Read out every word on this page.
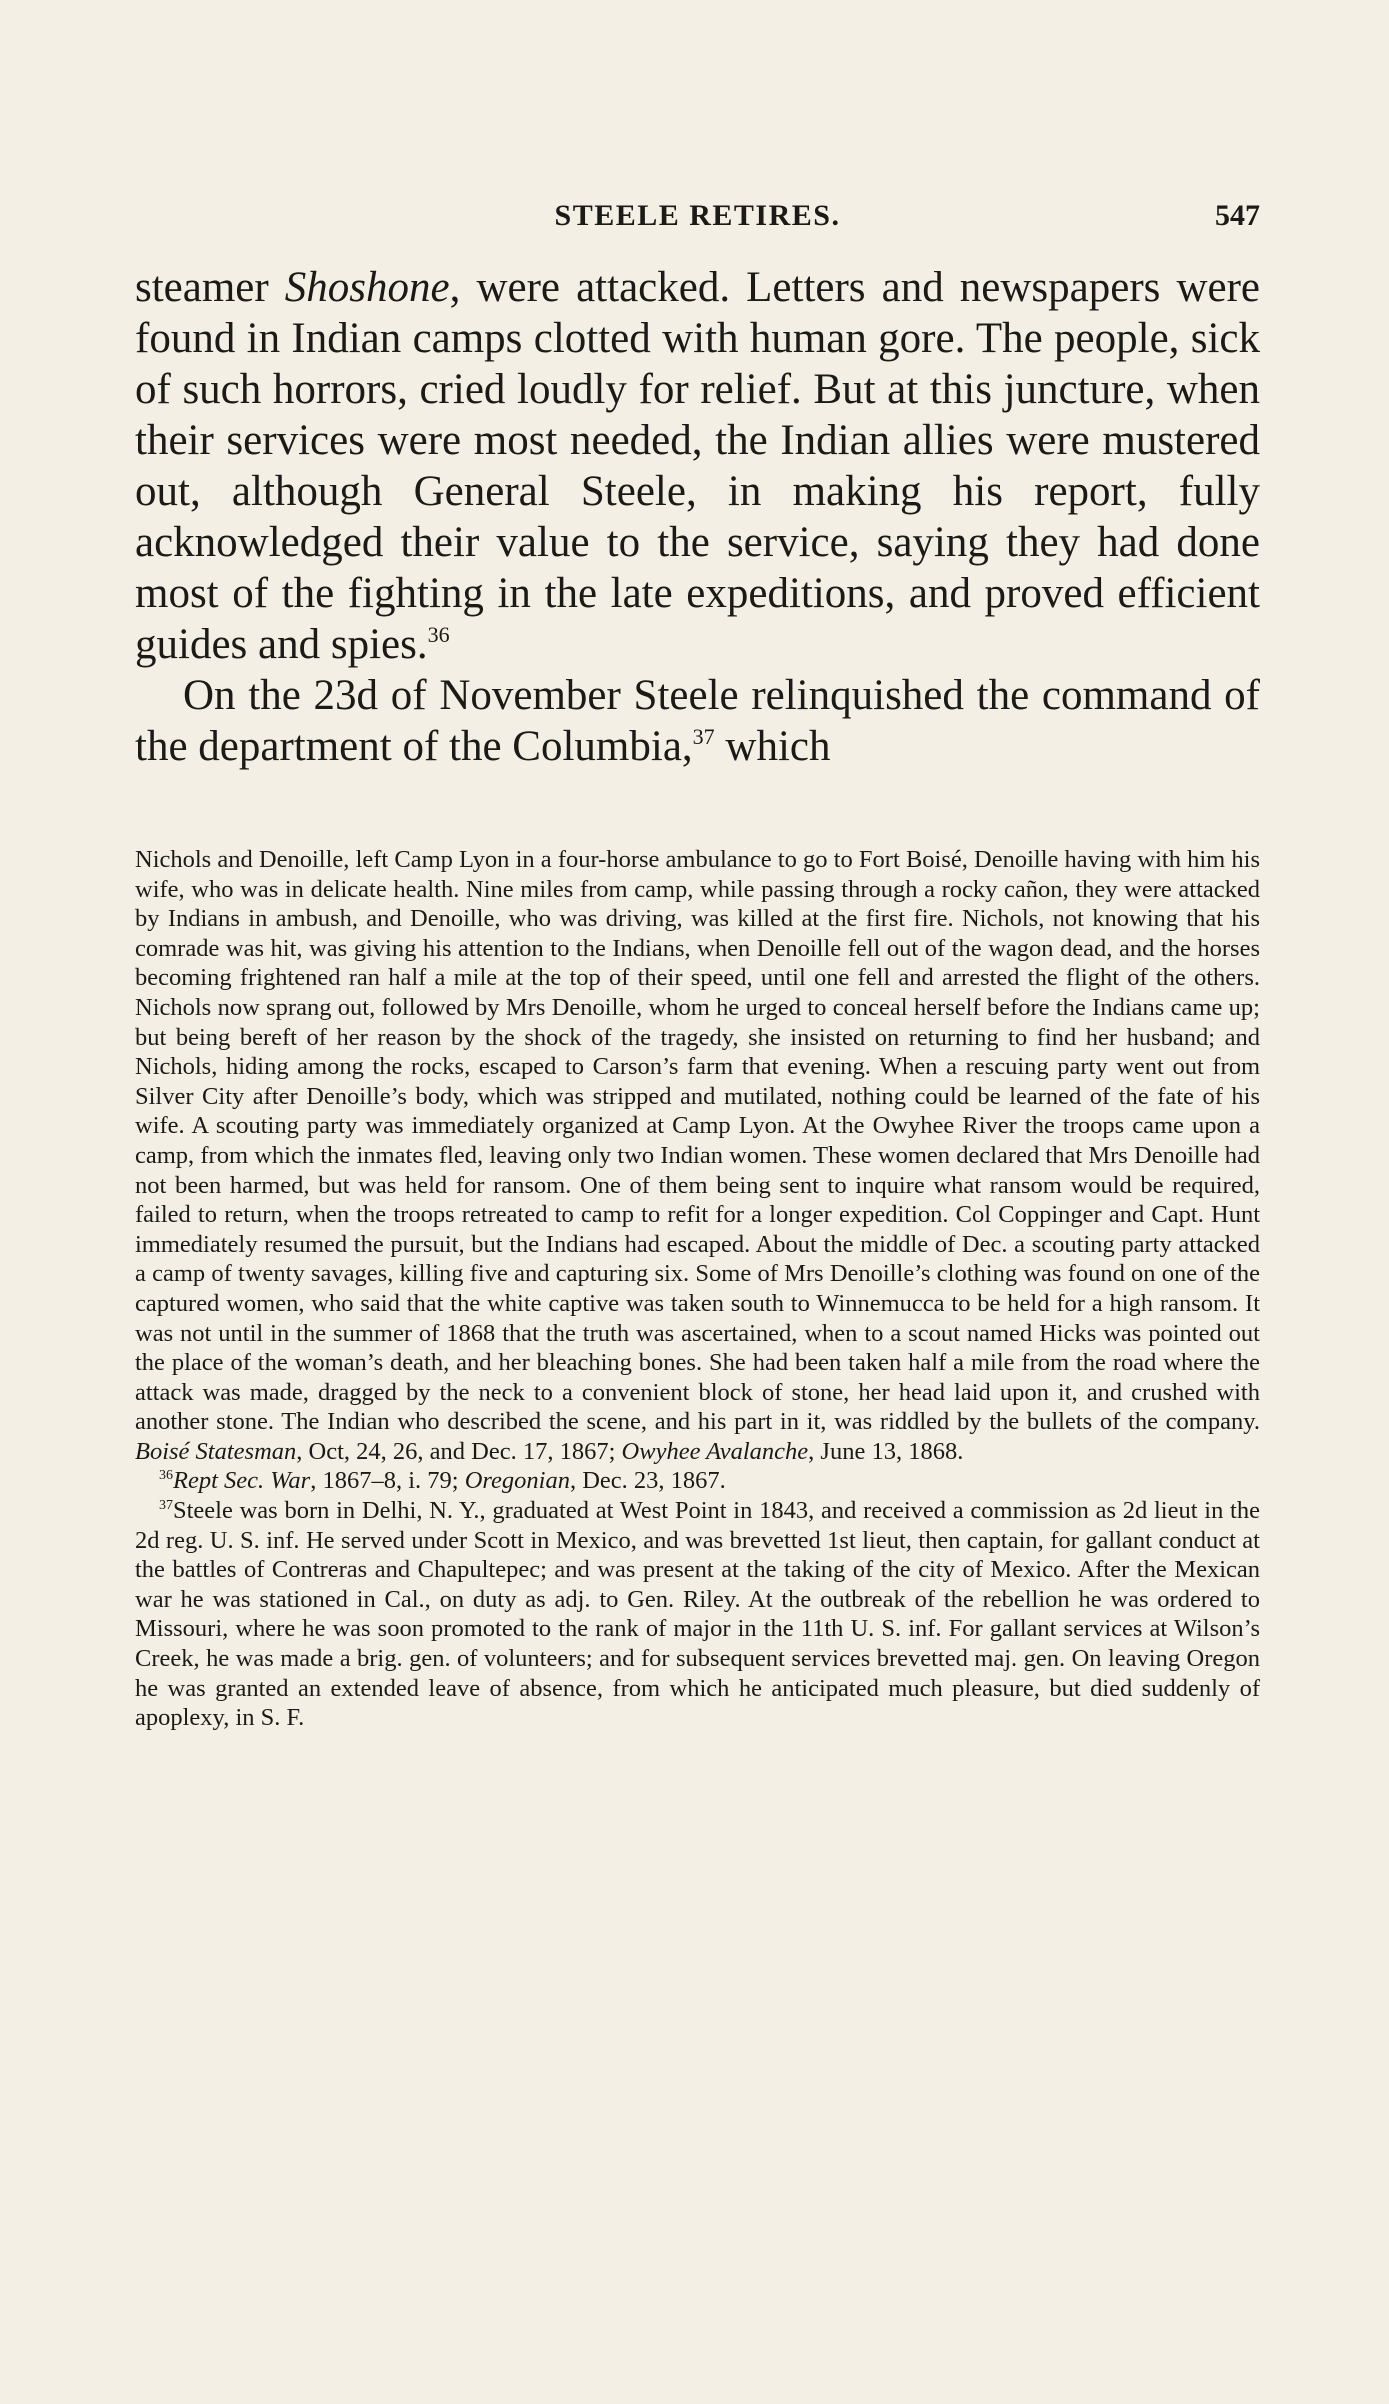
STEELE RETIRES.	547

steamer Shoshone, were attacked. Letters and newspapers were found in Indian camps clotted with human gore. The people, sick of such horrors, cried loudly for relief. But at this juncture, when their services were most needed, the Indian allies were mustered out, although General Steele, in making his report, fully acknowledged their value to the service, saying they had done most of the fighting in the late expeditions, and proved efficient guides and spies.$^{36}$

On the 23d of November Steele relinquished the command of the department of the Columbia,$^{37}$ which

Nichols and Denoille, left Camp Lyon in a four-horse ambulance to go to Fort Boisé, Denoille having with him his wife, who was in delicate health. Nine miles from camp, while passing through a rocky cañon, they were attacked by Indians in ambush, and Denoille, who was driving, was killed at the first fire. Nichols, not knowing that his comrade was hit, was giving his attention to the Indians, when Denoille fell out of the wagon dead, and the horses becoming frightened ran half a mile at the top of their speed, until one fell and arrested the flight of the others. Nichols now sprang out, followed by Mrs Denoille, whom he urged to conceal herself before the Indians came up; but being bereft of her reason by the shock of the tragedy, she insisted on returning to find her husband; and Nichols, hiding among the rocks, escaped to Carson’s farm that evening. When a rescuing party went out from Silver City after Denoille’s body, which was stripped and mutilated, nothing could be learned of the fate of his wife. A scouting party was immediately organized at Camp Lyon. At the Owyhee River the troops came upon a camp, from which the inmates fled, leaving only two Indian women. These women declared that Mrs Denoille had not been harmed, but was held for ransom. One of them being sent to inquire what ransom would be required, failed to return, when the troops retreated to camp to refit for a longer expedition. Col Coppinger and Capt. Hunt immediately resumed the pursuit, but the Indians had escaped. About the middle of Dec. a scouting party attacked a camp of twenty savages, killing five and capturing six. Some of Mrs Denoille’s clothing was found on one of the captured women, who said that the white captive was taken south to Winnemucca to be held for a high ransom. It was not until in the summer of 1868 that the truth was ascertained, when to a scout named Hicks was pointed out the place of the woman’s death, and her bleaching bones. She had been taken half a mile from the road where the attack was made, dragged by the neck to a convenient block of stone, her head laid upon it, and crushed with another stone. The Indian who described the scene, and his part in it, was riddled by the bullets of the company. Boisé Statesman, Oct, 24, 26, and Dec. 17, 1867; Owyhee Avalanche, June 13, 1868.

$^{36}$Rept Sec. War, 1867–8, i. 79; Oregonian, Dec. 23, 1867.

$^{37}$Steele was born in Delhi, N. Y., graduated at West Point in 1843, and received a commission as 2d lieut in the 2d reg. U. S. inf. He served under Scott in Mexico, and was brevetted 1st lieut, then captain, for gallant conduct at the battles of Contreras and Chapultepec; and was present at the taking of the city of Mexico. After the Mexican war he was stationed in Cal., on duty as adj. to Gen. Riley. At the outbreak of the rebellion he was ordered to Missouri, where he was soon promoted to the rank of major in the 11th U. S. inf. For gallant services at Wilson’s Creek, he was made a brig. gen. of volunteers; and for subsequent services brevetted maj. gen. On leaving Oregon he was granted an extended leave of absence, from which he anticipated much pleasure, but died suddenly of apoplexy, in S. F.
